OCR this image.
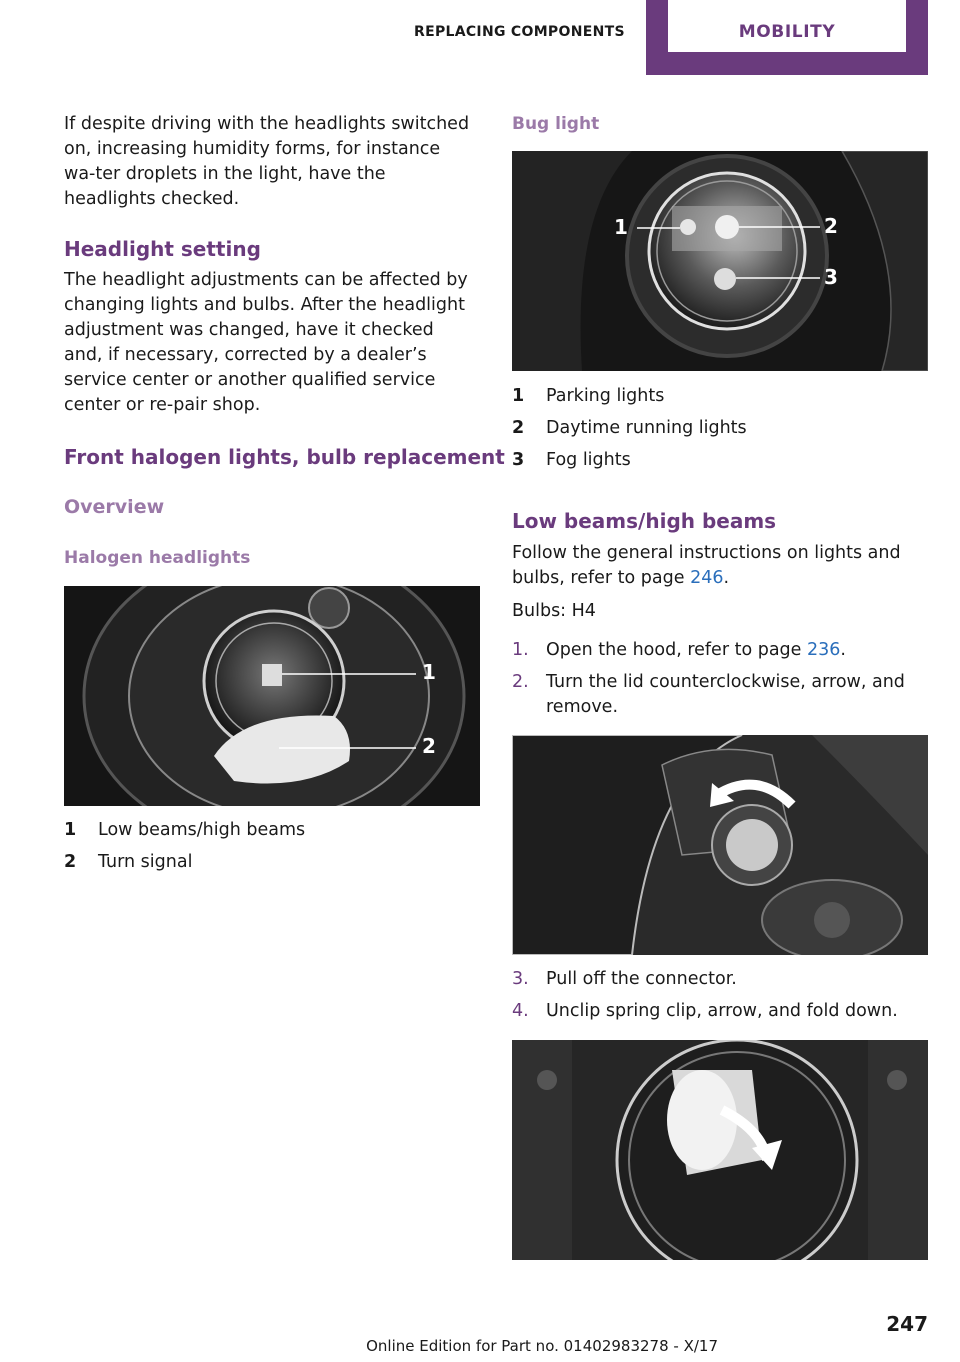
REPLACING COMPONENTS	MOBILITY

If despite driving with the headlights switched on, increasing humidity forms, for instance wa-ter droplets in the light, have the headlights checked.

Headlight setting

The headlight adjustments can be affected by changing lights and bulbs. After the headlight adjustment was changed, have it checked and, if necessary, corrected by a dealer’s service center or another qualified service center or re-pair shop.

Front halogen lights, bulb replacement
Overview
Halogen headlights
1
2
1 Low beams/high beams
2 Turn signal
Bug light
1	2
3
1 Parking lights
2 Daytime running lights
3 Fog lights
Low beams/high beams

Follow the general instructions on lights and bulbs, refer to page 246.

Bulbs: H4

1. Open the hood, refer to page 236.
2. Turn the lid counterclockwise, arrow, and remove.
3. Pull off the connector.
4. Unclip spring clip, arrow, and fold down.
247
Online Edition for Part no. 01402983278 - X/17
